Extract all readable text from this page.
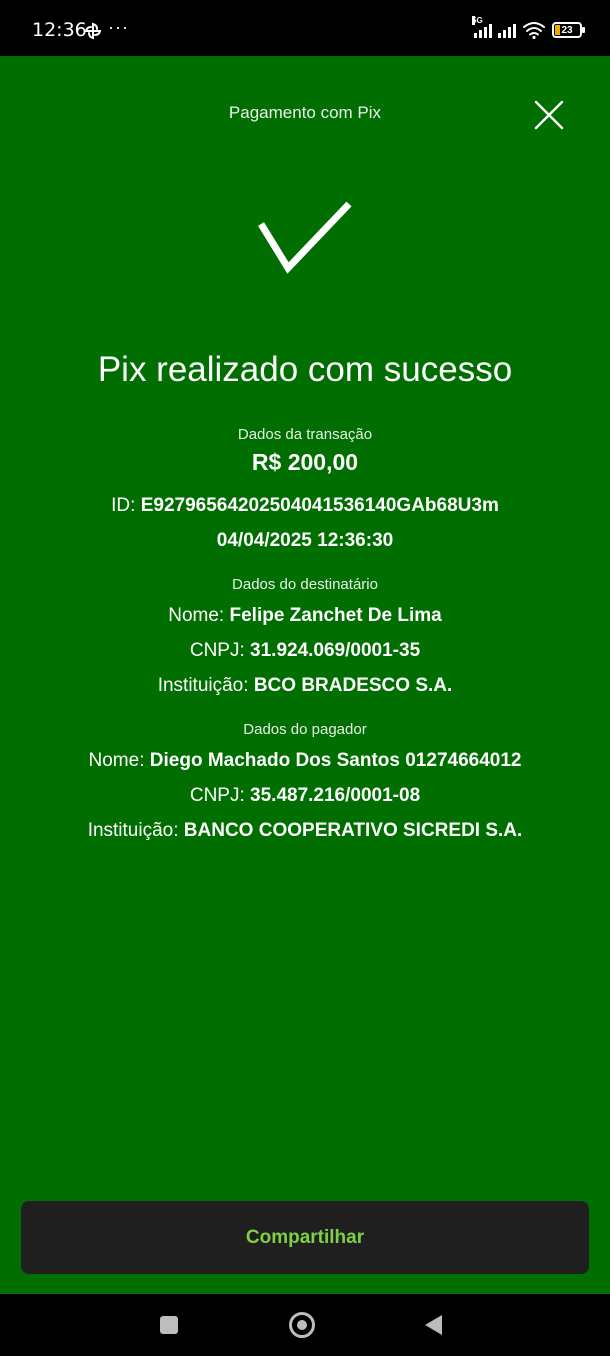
12:36 ···	5G
23
Pagamento com Pix
Pix realizado com sucesso
Dados da transação
R$ 200,00
ID: E92796564202504041536140GAb68U3m
04/04/2025 12:36:30
Dados do destinatário
Nome: Felipe Zanchet De Lima
CNPJ: 31.924.069/0001-35
Instituição: BCO BRADESCO S.A.
Dados do pagador
Nome: Diego Machado Dos Santos 01274664012
CNPJ: 35.487.216/0001-08
Instituição: BANCO COOPERATIVO SICREDI S.A.
Compartilhar
